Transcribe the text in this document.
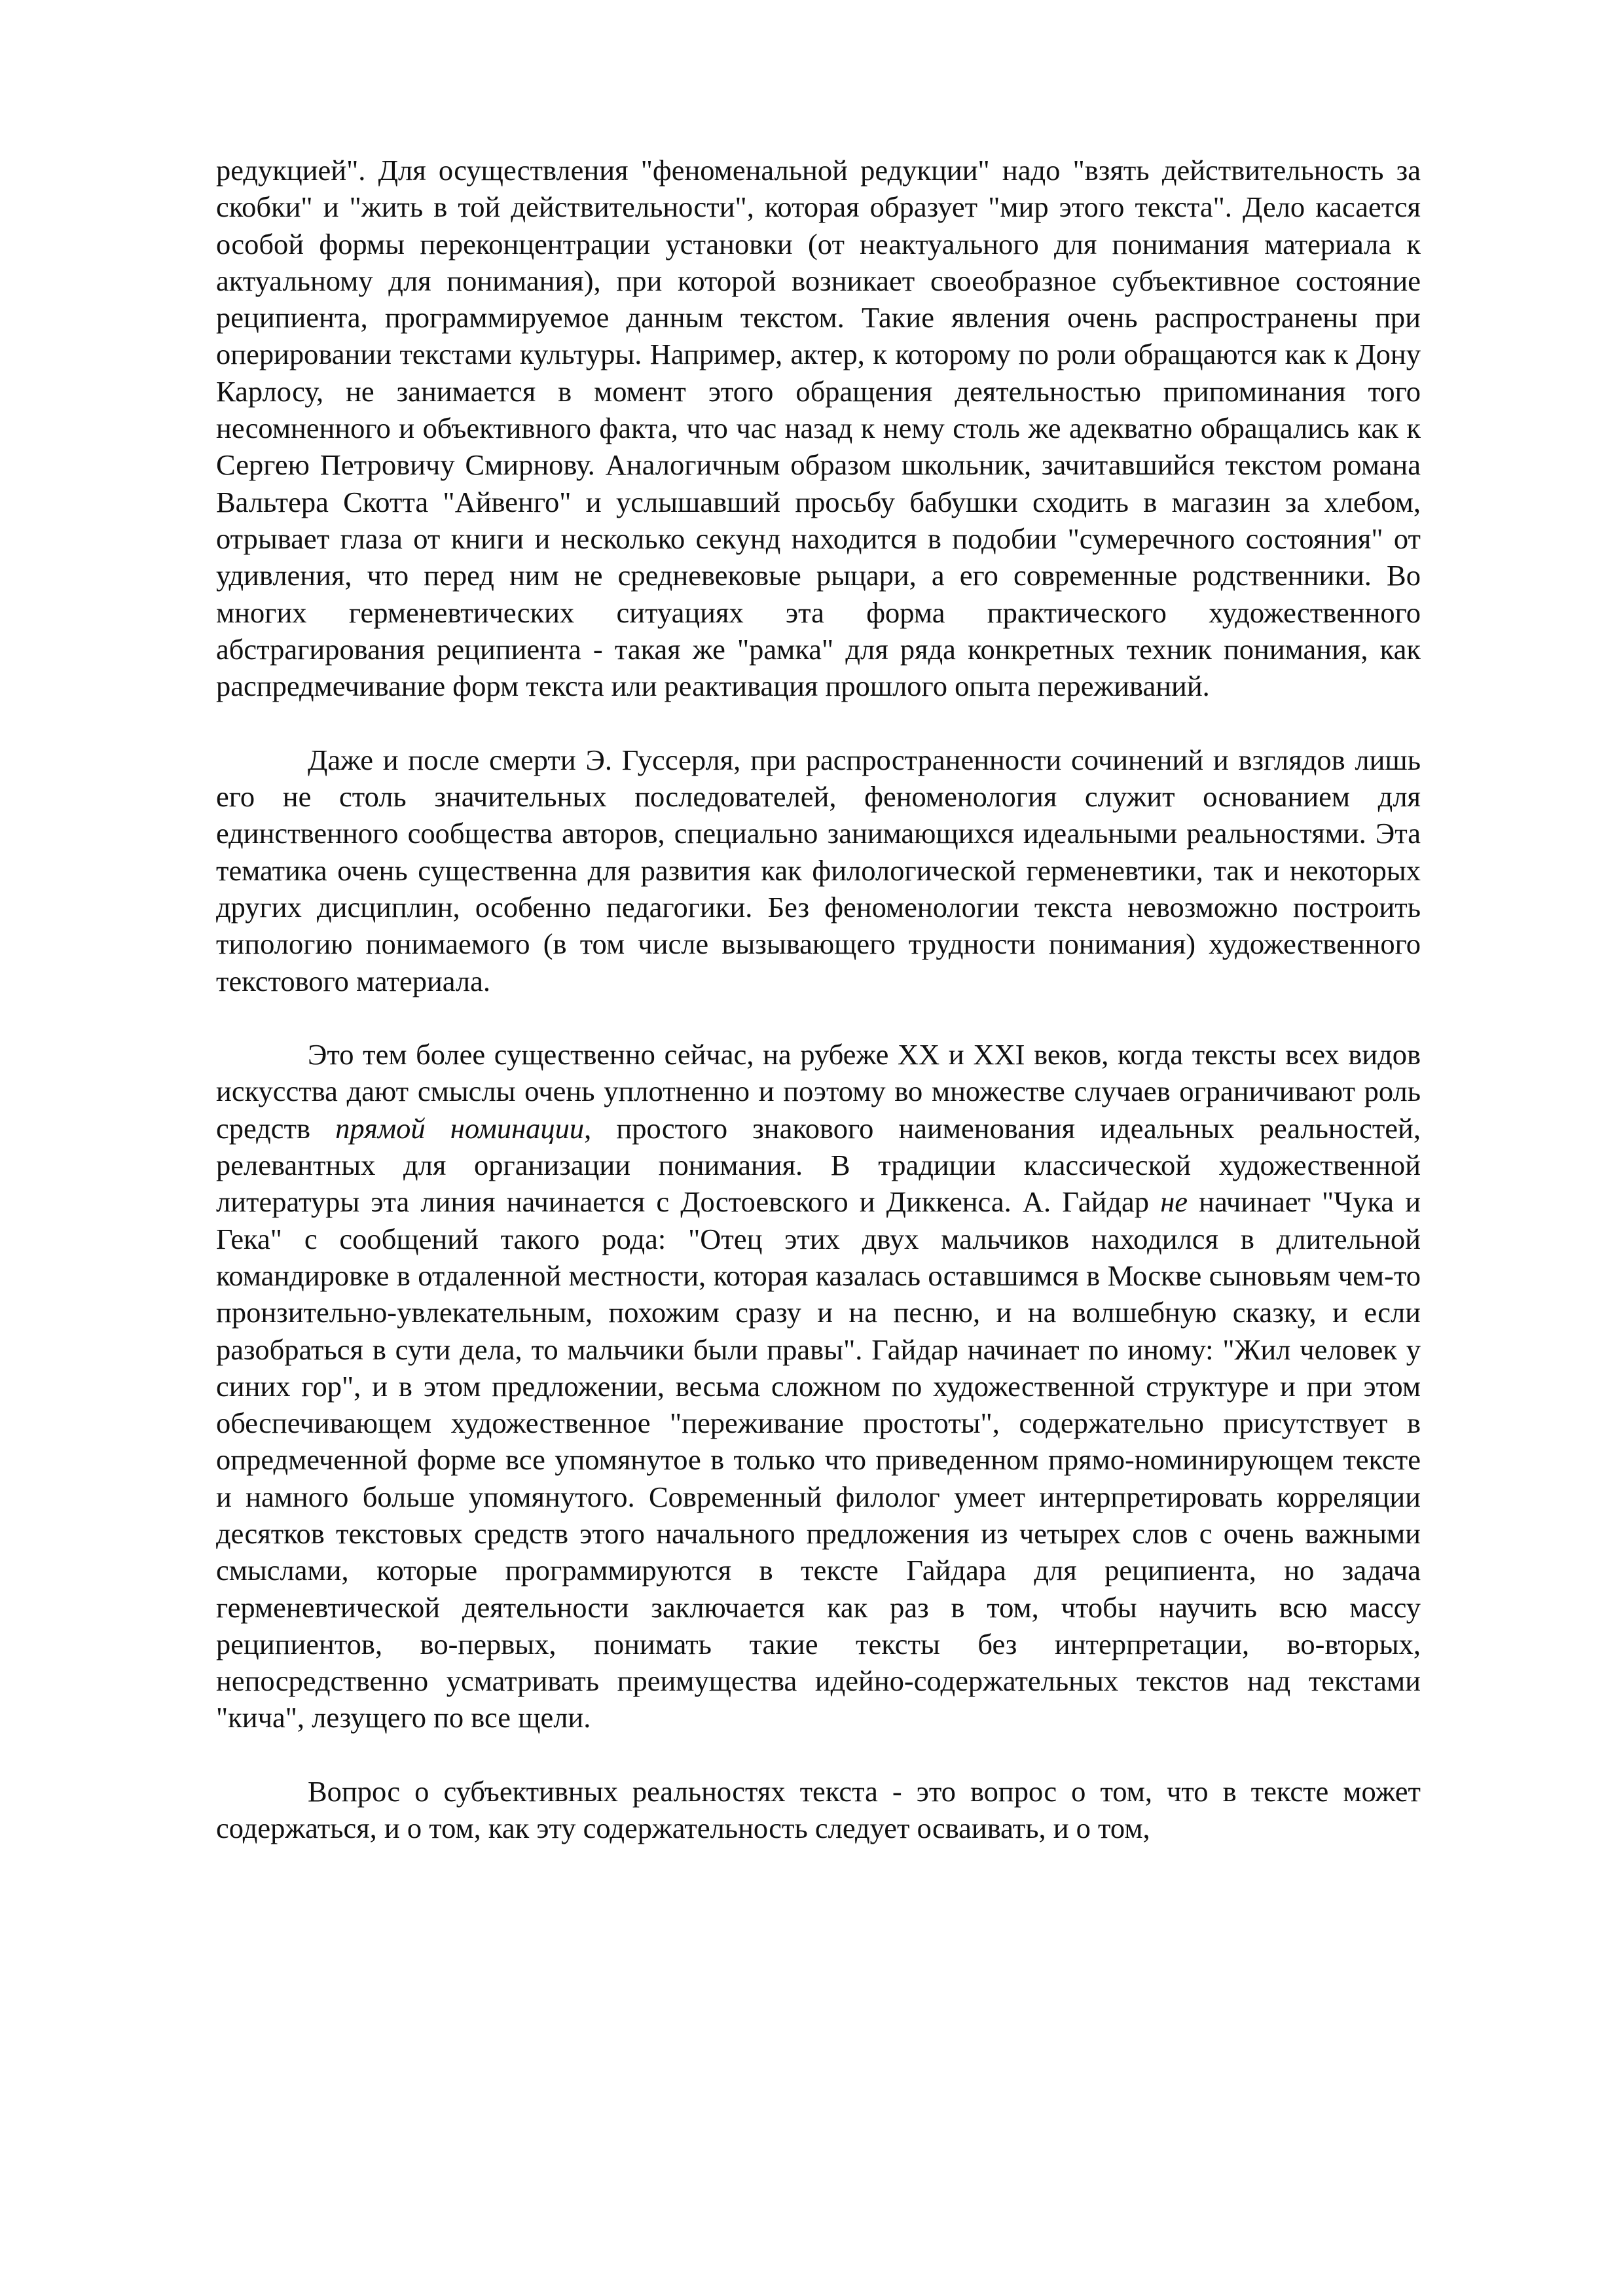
редукцией". Для осуществления "феноменальной редукции" надо "взять действительность за скобки" и "жить в той действительности", которая образует "мир этого текста". Дело касается особой формы переконцентрации установки (от неактуального для понимания материала к актуальному для понимания), при которой возникает своеобразное субъективное состояние реципиента, программируемое данным текстом. Такие явления очень распространены при оперировании текстами культуры. Например, актер, к которому по роли обращаются как к Дону Карлосу, не занимается в момент этого обращения деятельностью припоминания того несомненного и объективного факта, что час назад к нему столь же адекватно обращались как к Сергею Петровичу Смирнову. Аналогичным образом школьник, зачитавшийся текстом романа Вальтера Скотта "Айвенго" и услышавший просьбу бабушки сходить в магазин за хлебом, отрывает глаза от книги и несколько секунд находится в подобии "сумеречного состояния" от удивления, что перед ним не средневековые рыцари, а его современные родственники. Во многих герменевтических ситуациях эта форма практического художественного абстрагирования реципиента - такая же "рамка" для ряда конкретных техник понимания, как распредмечивание форм текста или реактивация прошлого опыта переживаний.

Даже и после смерти Э. Гуссерля, при распространенности сочинений и взглядов лишь его не столь значительных последователей, феноменология служит основанием для единственного сообщества авторов, специально занимающихся идеальными реальностями. Эта тематика очень существенна для развития как филологической герменевтики, так и некоторых других дисциплин, особенно педагогики. Без феноменологии текста невозможно построить типологию понимаемого (в том числе вызывающего трудности понимания) художественного текстового материала.

Это тем более существенно сейчас, на рубеже XX и XXI веков, когда тексты всех видов искусства дают смыслы очень уплотненно и поэтому во множестве случаев ограничивают роль средств прямой номинации, простого знакового наименования идеальных реальностей, релевантных для организации понимания. В традиции классической художественной литературы эта линия начинается с Достоевского и Диккенса. А. Гайдар не начинает "Чука и Гека" с сообщений такого рода: "Отец этих двух мальчиков находился в длительной командировке в отдаленной местности, которая казалась оставшимся в Москве сыновьям чем-то пронзительно-увлекательным, похожим сразу и на песню, и на волшебную сказку, и если разобраться в сути дела, то мальчики были правы". Гайдар начинает по иному: "Жил человек у синих гор", и в этом предложении, весьма сложном по художественной структуре и при этом обеспечивающем художественное "переживание простоты", содержательно присутствует в опредмеченной форме все упомянутое в только что приведенном прямо-номинирующем тексте и намного больше упомянутого. Современный филолог умеет интерпретировать корреляции десятков текстовых средств этого начального предложения из четырех слов с очень важными смыслами, которые программируются в тексте Гайдара для реципиента, но задача герменевтической деятельности заключается как раз в том, чтобы научить всю массу реципиентов, во-первых, понимать такие тексты без интерпретации, во-вторых, непосредственно усматривать преимущества идейно-содержательных текстов над текстами "кича", лезущего по все щели.

Вопрос о субъективных реальностях текста - это вопрос о том, что в тексте может содержаться, и о том, как эту содержательность следует осваивать, и о том,
